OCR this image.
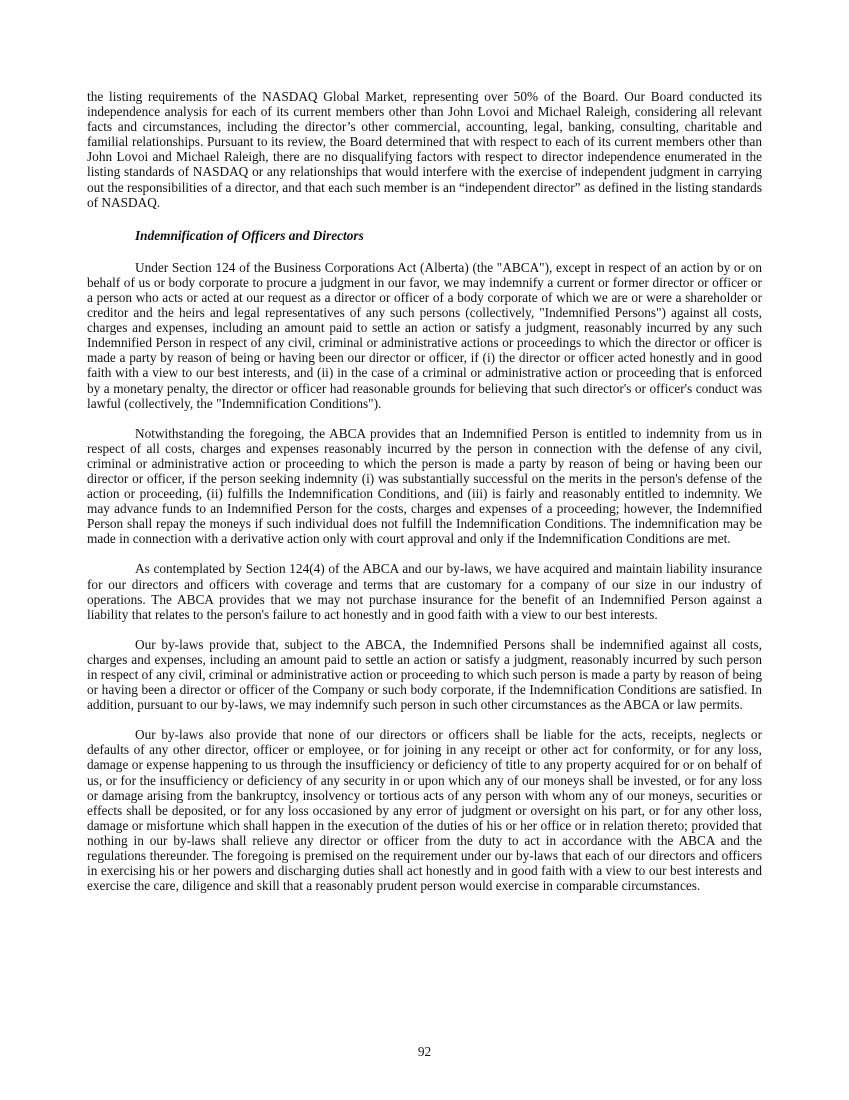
the listing requirements of the NASDAQ Global Market, representing over 50% of the Board. Our Board conducted its independence analysis for each of its current members other than John Lovoi and Michael Raleigh, considering all relevant facts and circumstances, including the director’s other commercial, accounting, legal, banking, consulting, charitable and familial relationships. Pursuant to its review, the Board determined that with respect to each of its current members other than John Lovoi and Michael Raleigh, there are no disqualifying factors with respect to director independence enumerated in the listing standards of NASDAQ or any relationships that would interfere with the exercise of independent judgment in carrying out the responsibilities of a director, and that each such member is an “independent director” as defined in the listing standards of NASDAQ.

Indemnification of Officers and Directors

Under Section 124 of the Business Corporations Act (Alberta) (the "ABCA"), except in respect of an action by or on behalf of us or body corporate to procure a judgment in our favor, we may indemnify a current or former director or officer or a person who acts or acted at our request as a director or officer of a body corporate of which we are or were a shareholder or creditor and the heirs and legal representatives of any such persons (collectively, "Indemnified Persons") against all costs, charges and expenses, including an amount paid to settle an action or satisfy a judgment, reasonably incurred by any such Indemnified Person in respect of any civil, criminal or administrative actions or proceedings to which the director or officer is made a party by reason of being or having been our director or officer, if (i) the director or officer acted honestly and in good faith with a view to our best interests, and (ii) in the case of a criminal or administrative action or proceeding that is enforced by a monetary penalty, the director or officer had reasonable grounds for believing that such director's or officer's conduct was lawful (collectively, the "Indemnification Conditions").

Notwithstanding the foregoing, the ABCA provides that an Indemnified Person is entitled to indemnity from us in respect of all costs, charges and expenses reasonably incurred by the person in connection with the defense of any civil, criminal or administrative action or proceeding to which the person is made a party by reason of being or having been our director or officer, if the person seeking indemnity (i) was substantially successful on the merits in the person's defense of the action or proceeding, (ii) fulfills the Indemnification Conditions, and (iii) is fairly and reasonably entitled to indemnity. We may advance funds to an Indemnified Person for the costs, charges and expenses of a proceeding; however, the Indemnified Person shall repay the moneys if such individual does not fulfill the Indemnification Conditions. The indemnification may be made in connection with a derivative action only with court approval and only if the Indemnification Conditions are met.

As contemplated by Section 124(4) of the ABCA and our by-laws, we have acquired and maintain liability insurance for our directors and officers with coverage and terms that are customary for a company of our size in our industry of operations. The ABCA provides that we may not purchase insurance for the benefit of an Indemnified Person against a liability that relates to the person's failure to act honestly and in good faith with a view to our best interests.

Our by-laws provide that, subject to the ABCA, the Indemnified Persons shall be indemnified against all costs, charges and expenses, including an amount paid to settle an action or satisfy a judgment, reasonably incurred by such person in respect of any civil, criminal or administrative action or proceeding to which such person is made a party by reason of being or having been a director or officer of the Company or such body corporate, if the Indemnification Conditions are satisfied. In addition, pursuant to our by-laws, we may indemnify such person in such other circumstances as the ABCA or law permits.

Our by-laws also provide that none of our directors or officers shall be liable for the acts, receipts, neglects or defaults of any other director, officer or employee, or for joining in any receipt or other act for conformity, or for any loss, damage or expense happening to us through the insufficiency or deficiency of title to any property acquired for or on behalf of us, or for the insufficiency or deficiency of any security in or upon which any of our moneys shall be invested, or for any loss or damage arising from the bankruptcy, insolvency or tortious acts of any person with whom any of our moneys, securities or effects shall be deposited, or for any loss occasioned by any error of judgment or oversight on his part, or for any other loss, damage or misfortune which shall happen in the execution of the duties of his or her office or in relation thereto; provided that nothing in our by-laws shall relieve any director or officer from the duty to act in accordance with the ABCA and the regulations thereunder. The foregoing is premised on the requirement under our by-laws that each of our directors and officers in exercising his or her powers and discharging duties shall act honestly and in good faith with a view to our best interests and exercise the care, diligence and skill that a reasonably prudent person would exercise in comparable circumstances.

92
